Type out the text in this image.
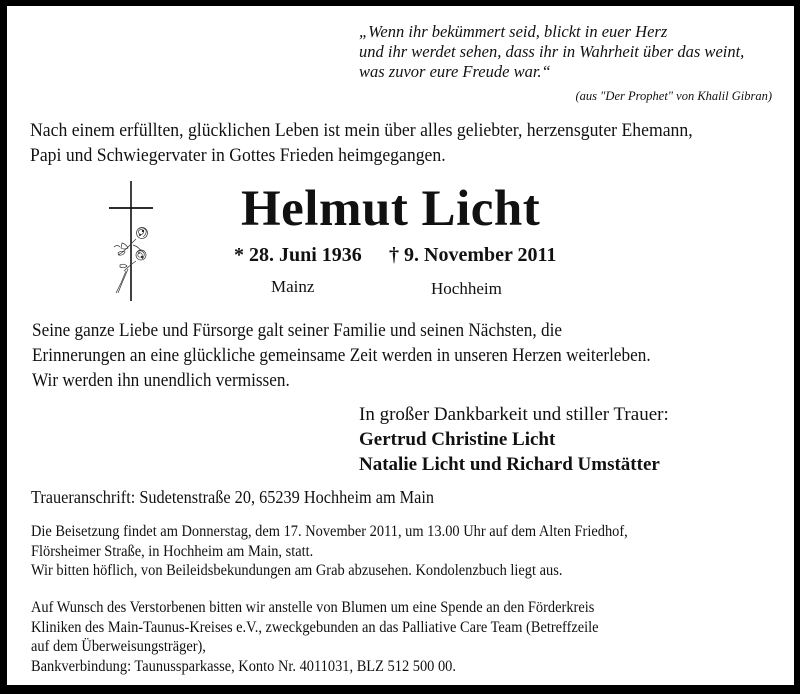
„Wenn ihr bekümmert seid, blickt in euer Herz
und ihr werdet sehen, dass ihr in Wahrheit über das weint,
was zuvor eure Freude war.“
(aus "Der Prophet" von Khalil Gibran)
Nach einem erfüllten, glücklichen Leben ist mein über alles geliebter, herzensguter Ehemann,
Papi und Schwiegervater in Gottes Frieden heimgegangen.
Helmut Licht
* 28. Juni 1936 † 9. November 2011
Mainz	Hochheim
Seine ganze Liebe und Fürsorge galt seiner Familie und seinen Nächsten, die
Erinnerungen an eine glückliche gemeinsame Zeit werden in unseren Herzen weiterleben.
Wir werden ihn unendlich vermissen.
In großer Dankbarkeit und stiller Trauer:
Gertrud Christine Licht
Natalie Licht und Richard Umstätter
Traueranschrift: Sudetenstraße 20, 65239 Hochheim am Main
Die Beisetzung findet am Donnerstag, dem 17. November 2011, um 13.00 Uhr auf dem Alten Friedhof,
Flörsheimer Straße, in Hochheim am Main, statt.
Wir bitten höflich, von Beileidsbekundungen am Grab abzusehen. Kondolenzbuch liegt aus.
Auf Wunsch des Verstorbenen bitten wir anstelle von Blumen um eine Spende an den Förderkreis
Kliniken des Main-Taunus-Kreises e.V., zweckgebunden an das Palliative Care Team (Betreffzeile
auf dem Überweisungsträger),
Bankverbindung: Taunussparkasse, Konto Nr. 4011031, BLZ 512 500 00.
